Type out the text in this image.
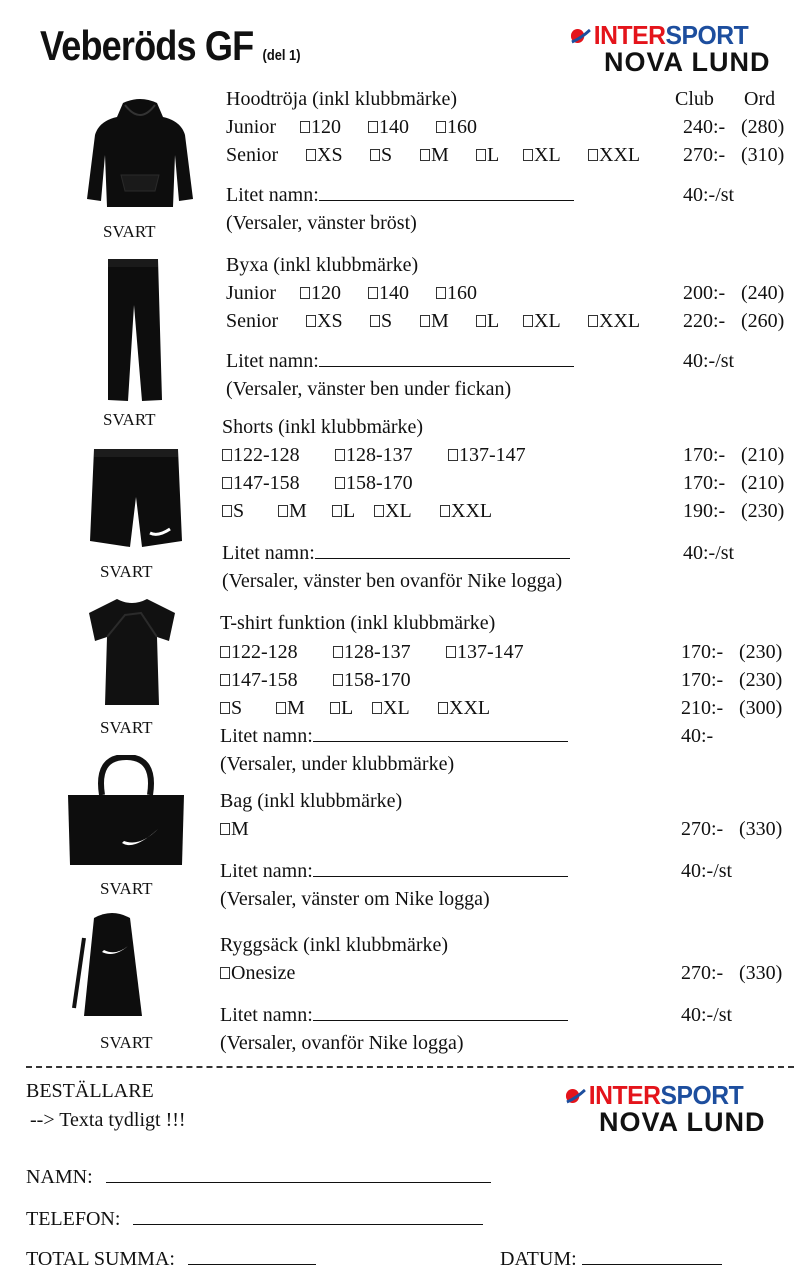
Veberöds GF (del 1)
INTERSPORT
NOVA LUND
Club Ord
Hoodtröja (inkl klubbmärke)
SVART
Junior	120	140	160	240:- (280)
Senior	XS	S	M	L	XL	XXL 270:- (310)
Litet namn:	40:-/st
(Versaler, vänster bröst)
Byxa (inkl klubbmärke)
SVART
Junior	120	140	160	200:- (240)
Senior	XS	S	M	L	XL	XXL 220:- (260)
Litet namn:	40:-/st
(Versaler, vänster ben under fickan)
Shorts (inkl klubbmärke)
SVART
122-128	128-137	137-147	170:- (210)
147-158	158-170	170:- (210)
S	M	L	XL	XXL	190:- (230)
Litet namn:	40:-/st
(Versaler, vänster ben ovanför Nike logga)
T-shirt funktion (inkl klubbmärke)
SVART
122-128	128-137	137-147	170:- (230)
147-158	158-170	170:- (230)
S	M	L	XL	XXL	210:- (300)
Litet namn:	40:-
(Versaler, under klubbmärke)
Bag (inkl klubbmärke)
SVART
M	270:- (330)
Litet namn:	40:-/st
(Versaler, vänster om Nike logga)
Ryggsäck (inkl klubbmärke)
SVART
Onesize	270:- (330)
Litet namn:	40:-/st
(Versaler, ovanför Nike logga)
BESTÄLLARE
--> Texta tydligt !!!
INTERSPORT
NOVA LUND
NAMN:
TELEFON:
TOTAL SUMMA:	DATUM:
